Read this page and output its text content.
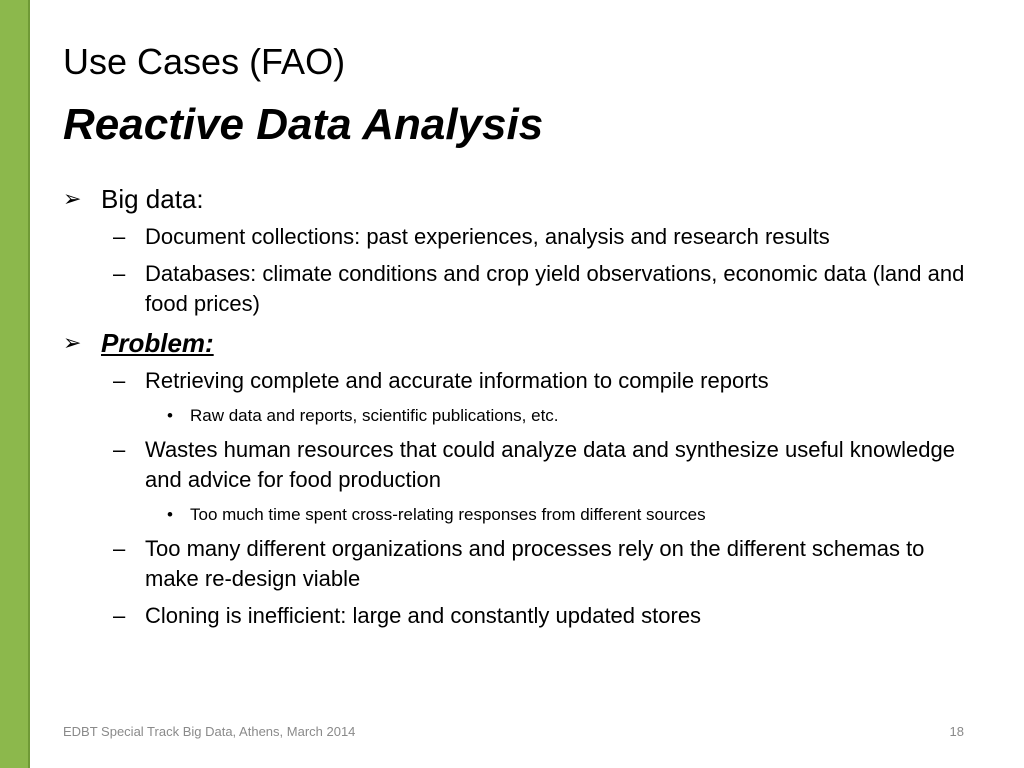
Use Cases (FAO)
Reactive Data Analysis
➢ Big data:
– Document collections: past experiences, analysis and research results
– Databases: climate conditions and crop yield observations, economic data (land and food prices)
➢ Problem:
– Retrieving complete and accurate information to compile reports
• Raw data and reports, scientific publications, etc.
– Wastes human resources that could analyze data and synthesize useful knowledge and advice for food production
• Too much time spent cross-relating responses from different sources
– Too many different organizations and processes rely on the different schemas to make re-design viable
– Cloning is inefficient: large and constantly updated stores
EDBT Special Track Big Data, Athens, March 2014	18
